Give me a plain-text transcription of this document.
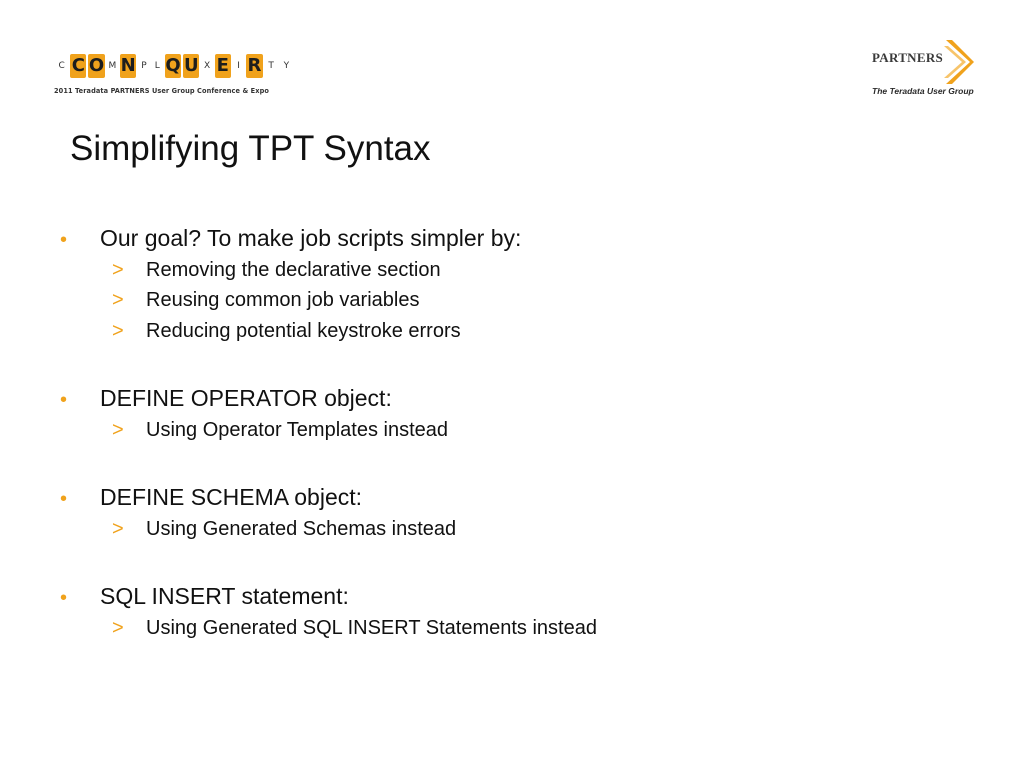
C C O M N P L Q U X E I R T	Y
2011 Teradata PARTNERS User Group Conference & Expo
PARTNERS
The Teradata User Group
Simplifying TPT Syntax
• Our goal? To make job scripts simpler by:
> Removing the declarative section
> Reusing common job variables
> Reducing potential keystroke errors
• DEFINE OPERATOR object:
> Using Operator Templates instead
• DEFINE SCHEMA object:
> Using Generated Schemas instead
• SQL INSERT statement:
> Using Generated SQL INSERT Statements instead
